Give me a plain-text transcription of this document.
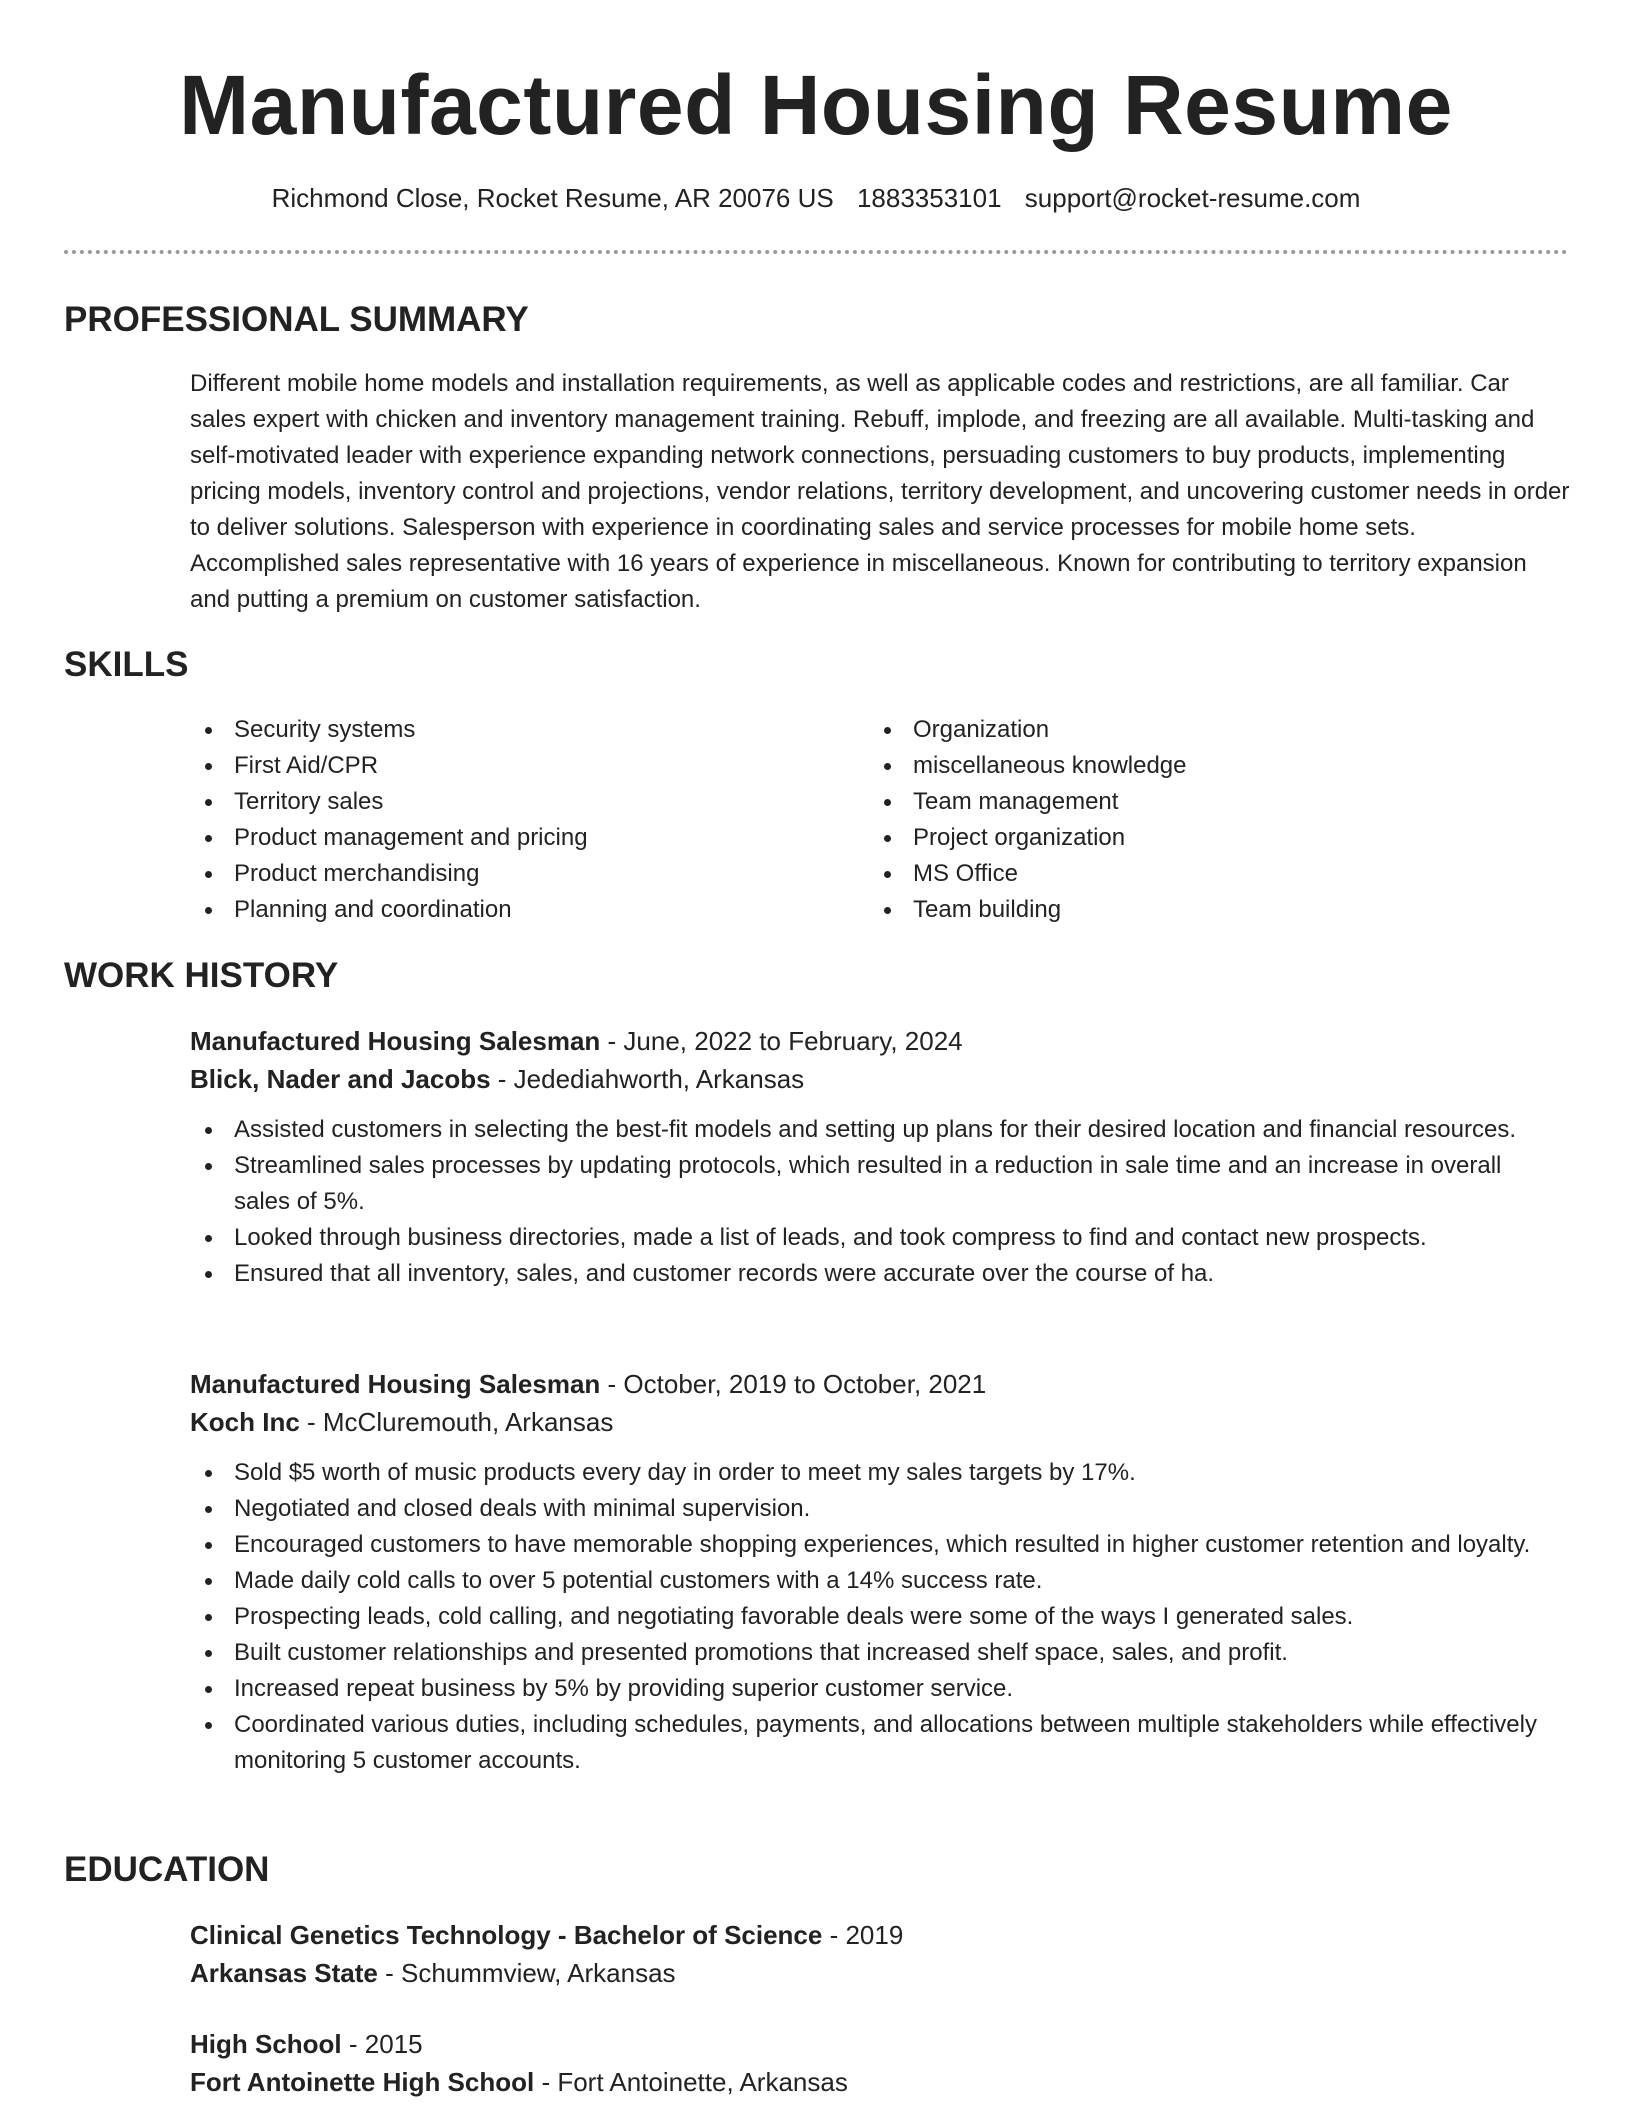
Manufactured Housing Resume
Richmond Close, Rocket Resume, AR 20076 US 1883353101 support@rocket-resume.com
PROFESSIONAL SUMMARY

Different mobile home models and installation requirements, as well as applicable codes and restrictions, are all familiar. Car sales expert with chicken and inventory management training. Rebuff, implode, and freezing are all available. Multi-tasking and self-motivated leader with experience expanding network connections, persuading customers to buy products, implementing pricing models, inventory control and projections, vendor relations, territory development, and uncovering customer needs in order to deliver solutions. Salesperson with experience in coordinating sales and service processes for mobile home sets. Accomplished sales representative with 16 years of experience in miscellaneous. Known for contributing to territory expansion and putting a premium on customer satisfaction.

SKILLS
Security systems
First Aid/CPR
Territory sales
Product management and pricing
Product merchandising
Planning and coordination
Organization
miscellaneous knowledge
Team management
Project organization
MS Office
Team building
WORK HISTORY
Manufactured Housing Salesman - June, 2022 to February, 2024
Blick, Nader and Jacobs - Jedediahworth, Arkansas
Assisted customers in selecting the best-fit models and setting up plans for their desired location and financial resources.
Streamlined sales processes by updating protocols, which resulted in a reduction in sale time and an increase in overall sales of 5%.
Looked through business directories, made a list of leads, and took compress to find and contact new prospects.
Ensured that all inventory, sales, and customer records were accurate over the course of ha.
Manufactured Housing Salesman - October, 2019 to October, 2021
Koch Inc - McCluremouth, Arkansas
Sold $5 worth of music products every day in order to meet my sales targets by 17%.
Negotiated and closed deals with minimal supervision.
Encouraged customers to have memorable shopping experiences, which resulted in higher customer retention and loyalty.
Made daily cold calls to over 5 potential customers with a 14% success rate.
Prospecting leads, cold calling, and negotiating favorable deals were some of the ways I generated sales.
Built customer relationships and presented promotions that increased shelf space, sales, and profit.
Increased repeat business by 5% by providing superior customer service.
Coordinated various duties, including schedules, payments, and allocations between multiple stakeholders while effectively monitoring 5 customer accounts.
EDUCATION
Clinical Genetics Technology - Bachelor of Science - 2019
Arkansas State - Schummview, Arkansas
High School - 2015
Fort Antoinette High School - Fort Antoinette, Arkansas
